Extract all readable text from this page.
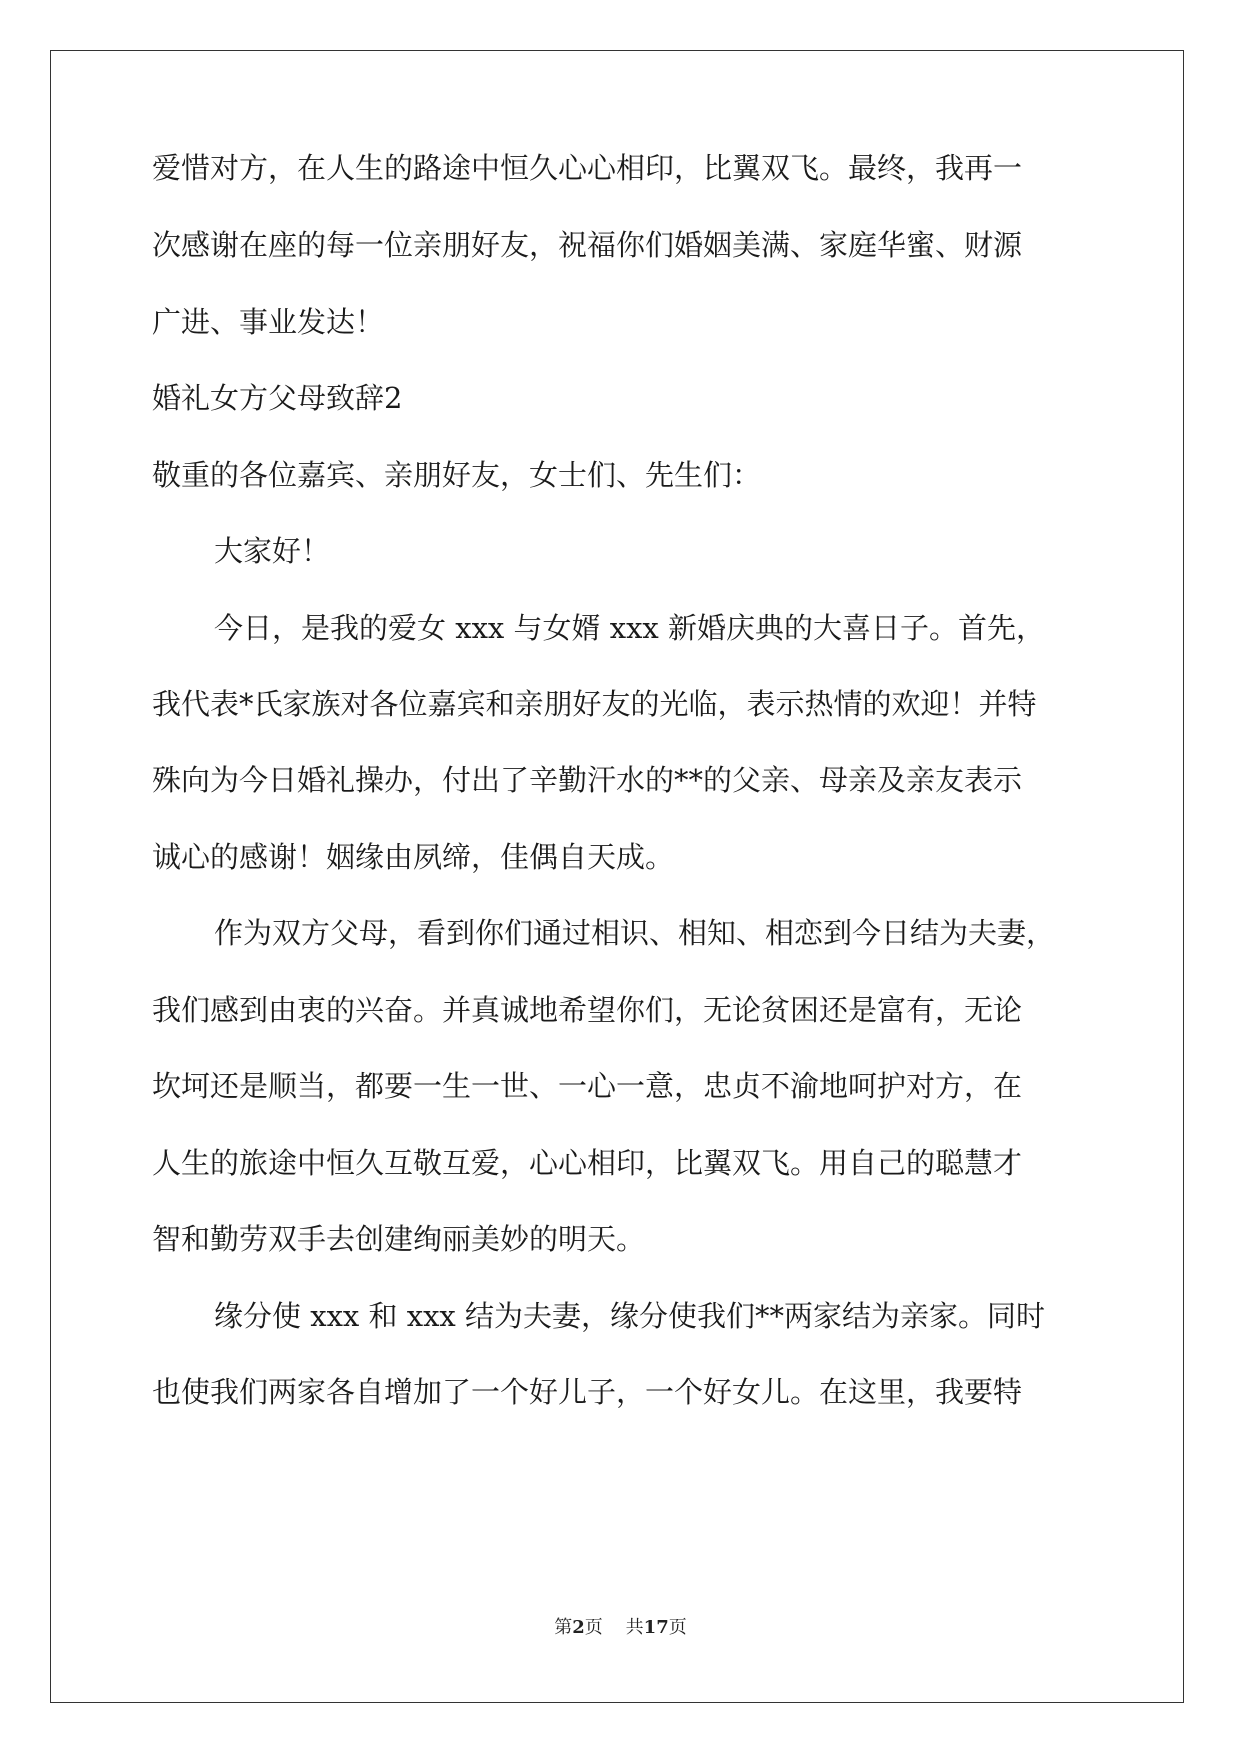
爱惜对方，在人生的路途中恒久心心相印，比翼双飞。最终，我再一
次感谢在座的每一位亲朋好友，祝福你们婚姻美满、家庭华蜜、财源
广进、事业发达！
婚礼女方父母致辞2
敬重的各位嘉宾、亲朋好友，女士们、先生们：
大家好！
今日，是我的爱女 xxx 与女婿 xxx 新婚庆典的大喜日子。首先，
我代表*氏家族对各位嘉宾和亲朋好友的光临，表示热情的欢迎！并特
殊向为今日婚礼操办，付出了辛勤汗水的**的父亲、母亲及亲友表示
诚心的感谢！姻缘由夙缔，佳偶自天成。
作为双方父母，看到你们通过相识、相知、相恋到今日结为夫妻，
我们感到由衷的兴奋。并真诚地希望你们，无论贫困还是富有，无论
坎坷还是顺当，都要一生一世、一心一意，忠贞不渝地呵护对方，在
人生的旅途中恒久互敬互爱，心心相印，比翼双飞。用自己的聪慧才
智和勤劳双手去创建绚丽美妙的明天。
缘分使 xxx 和 xxx 结为夫妻，缘分使我们**两家结为亲家。同时
也使我们两家各自增加了一个好儿子，一个好女儿。在这里，我要特
第2页 共17页
